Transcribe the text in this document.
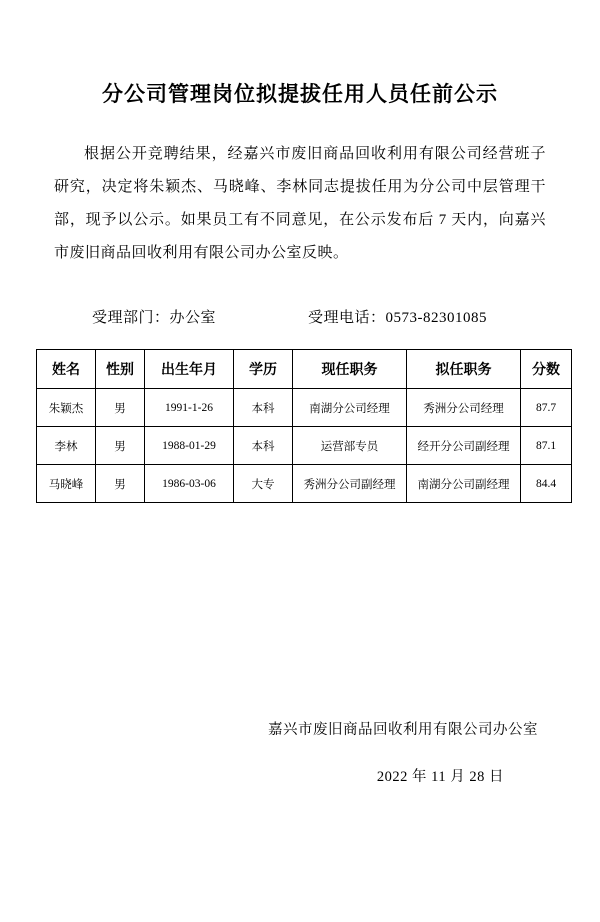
分公司管理岗位拟提拔任用人员任前公示
根据公开竞聘结果，经嘉兴市废旧商品回收利用有限公司经营班子研究，决定将朱颖杰、马晓峰、李林同志提拔任用为分公司中层管理干部，现予以公示。如果员工有不同意见，在公示发布后 7 天内，向嘉兴市废旧商品回收利用有限公司办公室反映。
受理部门：办公室	受理电话：0573-82301085
姓名	性别	出生年月	学历	现任职务	拟任职务	分数
朱颖杰	男	1991-1-26	本科	南湖分公司经理	秀洲分公司经理	87.7
李林	男	1988-01-29	本科	运营部专员	经开分公司副经理	87.1
马晓峰	男	1986-03-06	大专	秀洲分公司副经理	南湖分公司副经理	84.4
嘉兴市废旧商品回收利用有限公司办公室
2022 年 11 月 28 日
